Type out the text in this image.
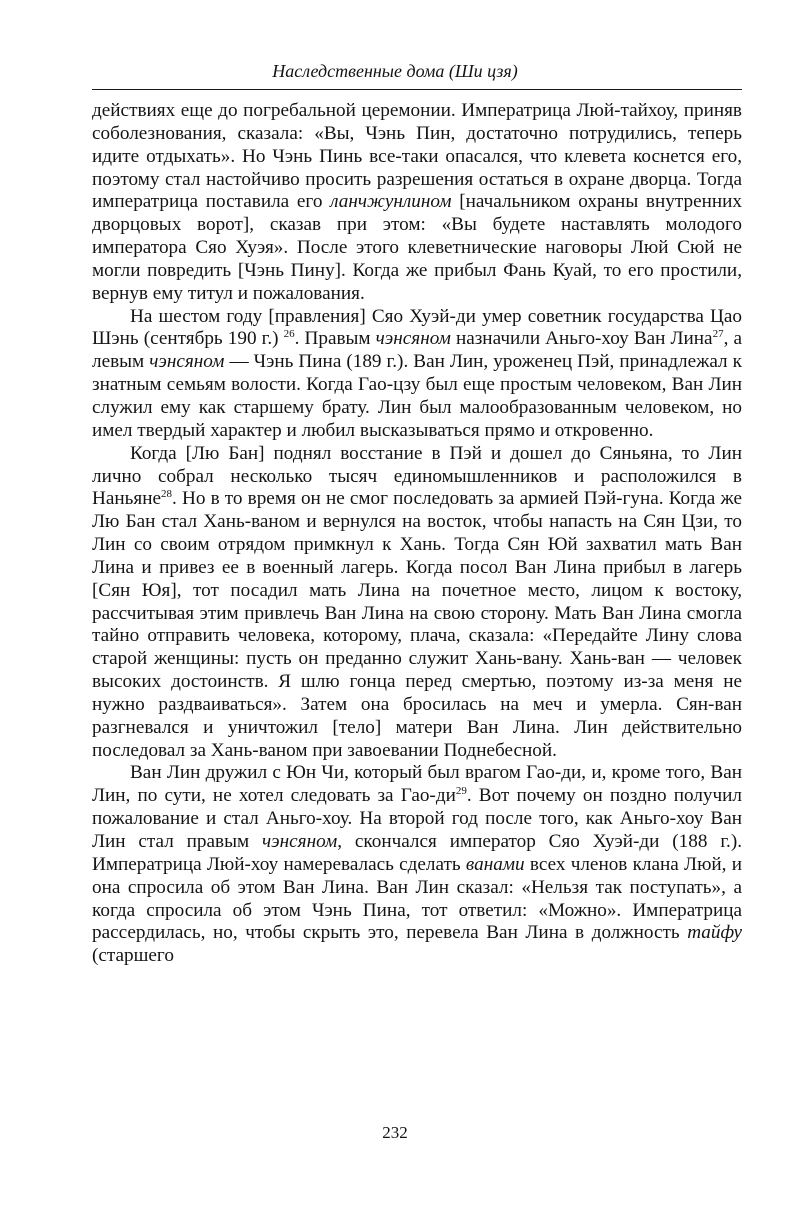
Наследственные дома (Ши цзя)

действиях еще до погребальной церемонии. Императрица Люй-тайхоу, приняв соболезнования, сказала: «Вы, Чэнь Пин, достаточно потрудились, теперь идите отдыхать». Но Чэнь Пинь все-таки опасался, что клевета коснется его, поэтому стал настойчиво просить разрешения остаться в охране дворца. Тогда императрица поставила его ланчжунлином [начальником охраны внутренних дворцовых ворот], сказав при этом: «Вы будете наставлять молодого императора Сяо Хуэя». После этого клеветнические наговоры Люй Сюй не могли повредить [Чэнь Пину]. Когда же прибыл Фань Куай, то его простили, вернув ему титул и пожалования.

На шестом году [правления] Сяо Хуэй-ди умер советник государства Цао Шэнь (сентябрь 190 г.) $^{26}$. Правым чэнсяном назначили Аньго-хоу Ван Лина$^{27}$, а левым чэнсяном — Чэнь Пина (189 г.). Ван Лин, уроженец Пэй, принадлежал к знатным семьям волости. Когда Гао-цзу был еще простым человеком, Ван Лин служил ему как старшему брату. Лин был малообразованным человеком, но имел твердый характер и любил высказываться прямо и откровенно.

Когда [Лю Бан] поднял восстание в Пэй и дошел до Сяньяна, то Лин лично собрал несколько тысяч единомышленников и расположился в Наньяне$^{28}$. Но в то время он не смог последовать за армией Пэй-гуна. Когда же Лю Бан стал Хань-ваном и вернулся на восток, чтобы напасть на Сян Цзи, то Лин со своим отрядом примкнул к Хань. Тогда Сян Юй захватил мать Ван Лина и привез ее в военный лагерь. Когда посол Ван Лина прибыл в лагерь [Сян Юя], тот посадил мать Лина на почетное место, лицом к востоку, рассчитывая этим привлечь Ван Лина на свою сторону. Мать Ван Лина смогла тайно отправить человека, которому, плача, сказала: «Передайте Лину слова старой женщины: пусть он преданно служит Хань-вану. Хань-ван — человек высоких достоинств. Я шлю гонца перед смертью, поэтому из-за меня не нужно раздваиваться». Затем она бросилась на меч и умерла. Сян-ван разгневался и уничтожил [тело] матери Ван Лина. Лин действительно последовал за Хань-ваном при завоевании Поднебесной.

Ван Лин дружил с Юн Чи, который был врагом Гао-ди, и, кроме того, Ван Лин, по сути, не хотел следовать за Гао-$ди^{29}$. Вот почему он поздно получил пожалование и стал Аньго-хоу. На второй год после того, как Аньго-хоу Ван Лин стал правым чэнсяном, скончался император Сяо Хуэй-ди (188 г.). Императрица Люй-хоу намеревалась сделать ванами всех членов клана Люй, и она спросила об этом Ван Лина. Ван Лин сказал: «Нельзя так поступать», а когда спросила об этом Чэнь Пина, тот ответил: «Можно». Императрица рассердилась, но, чтобы скрыть это, перевела Ван Лина в должность тайфу (старшего

232
